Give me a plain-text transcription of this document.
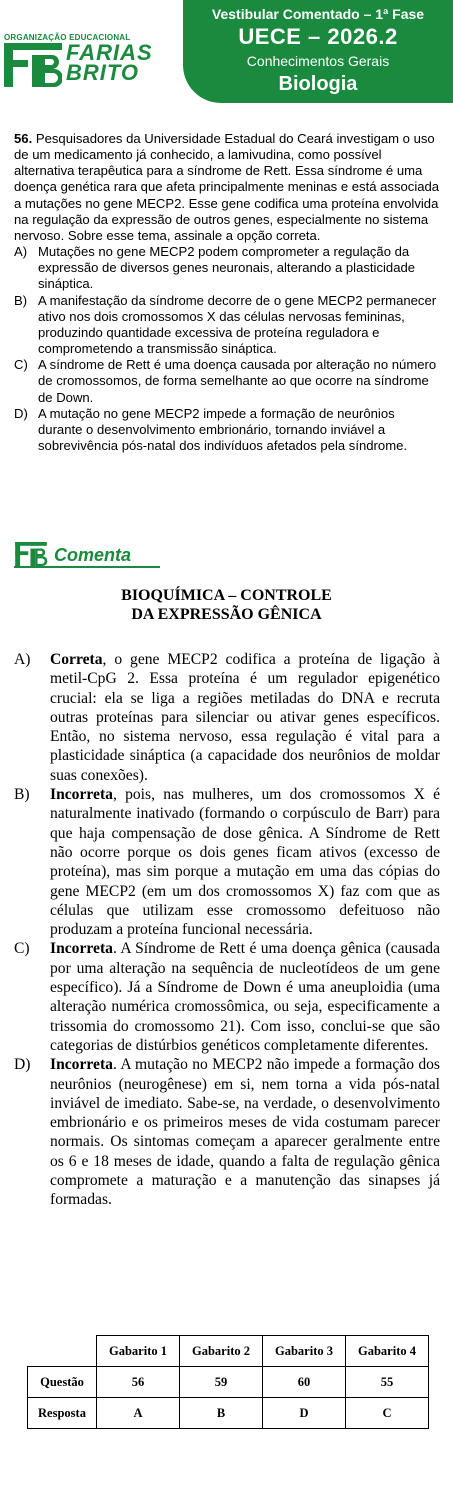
ORGANIZAÇÃO EDUCACIONAL
FARIAS
BRITO
Vestibular Comentado – 1ª Fase
UECE – 2026.2
Conhecimentos Gerais
Biologia

56. Pesquisadores da Universidade Estadual do Ceará investigam o uso de um medicamento já conhecido, a lamivudina, como possível alternativa terapêutica para a síndrome de Rett. Essa síndrome é uma doença genética rara que afeta principalmente meninas e está associada a mutações no gene MECP2. Esse gene codifica uma proteína envolvida na regulação da expressão de outros genes, especialmente no sistema nervoso. Sobre esse tema, assinale a opção correta.

A) Mutações no gene MECP2 podem comprometer a regulação da expressão de diversos genes neuronais, alterando a plasticidade sináptica.

B) A manifestação da síndrome decorre de o gene MECP2 permanecer ativo nos dois cromossomos X das células nervosas femininas, produzindo quantidade excessiva de proteína reguladora e comprometendo a transmissão sináptica.

C) A síndrome de Rett é uma doença causada por alteração no número de cromossomos, de forma semelhante ao que ocorre na síndrome de Down.

D) A mutação no gene MECP2 impede a formação de neurônios durante o desenvolvimento embrionário, tornando inviável a sobrevivência pós-natal dos indivíduos afetados pela síndrome.

Comenta
BIOQUÍMICA – CONTROLE
DA EXPRESSÃO GÊNICA

A)	Correta, o gene MECP2 codifica a proteína de ligação à metil-CpG 2. Essa proteína é um regulador epigenético crucial: ela se liga a regiões metiladas do DNA e recruta outras proteínas para silenciar ou ativar genes específicos. Então, no sistema nervoso, essa regulação é vital para a plasticidade sináptica (a capacidade dos neurônios de moldar suas conexões).

B)	Incorreta, pois, nas mulheres, um dos cromossomos X é naturalmente inativado (formando o corpúsculo de Barr) para que haja compensação de dose gênica. A Síndrome de Rett não ocorre porque os dois genes ficam ativos (excesso de proteína), mas sim porque a mutação em uma das cópias do gene MECP2 (em um dos cromossomos X) faz com que as células que utilizam esse cromossomo defeituoso não produzam a proteína funcional necessária.

C)	Incorreta. A Síndrome de Rett é uma doença gênica (causada por uma alteração na sequência de nucleotídeos de um gene específico). Já a Síndrome de Down é uma aneuploidia (uma alteração numérica cromossômica, ou seja, especificamente a trissomia do cromossomo 21). Com isso, conclui-se que são categorias de distúrbios genéticos completamente diferentes.

D)	Incorreta. A mutação no MECP2 não impede a formação dos neurônios (neurogênese) em si, nem torna a vida pós-natal inviável de imediato. Sabe-se, na verdade, o desenvolvimento embrionário e os primeiros meses de vida costumam parecer normais. Os sintomas começam a aparecer geralmente entre os 6 e 18 meses de idade, quando a falta de regulação gênica compromete a maturação e a manutenção das sinapses já formadas.

	Gabarito 1	Gabarito 2	Gabarito 3	Gabarito 4
Questão	56	59	60	55
Resposta	A	B	D	C
